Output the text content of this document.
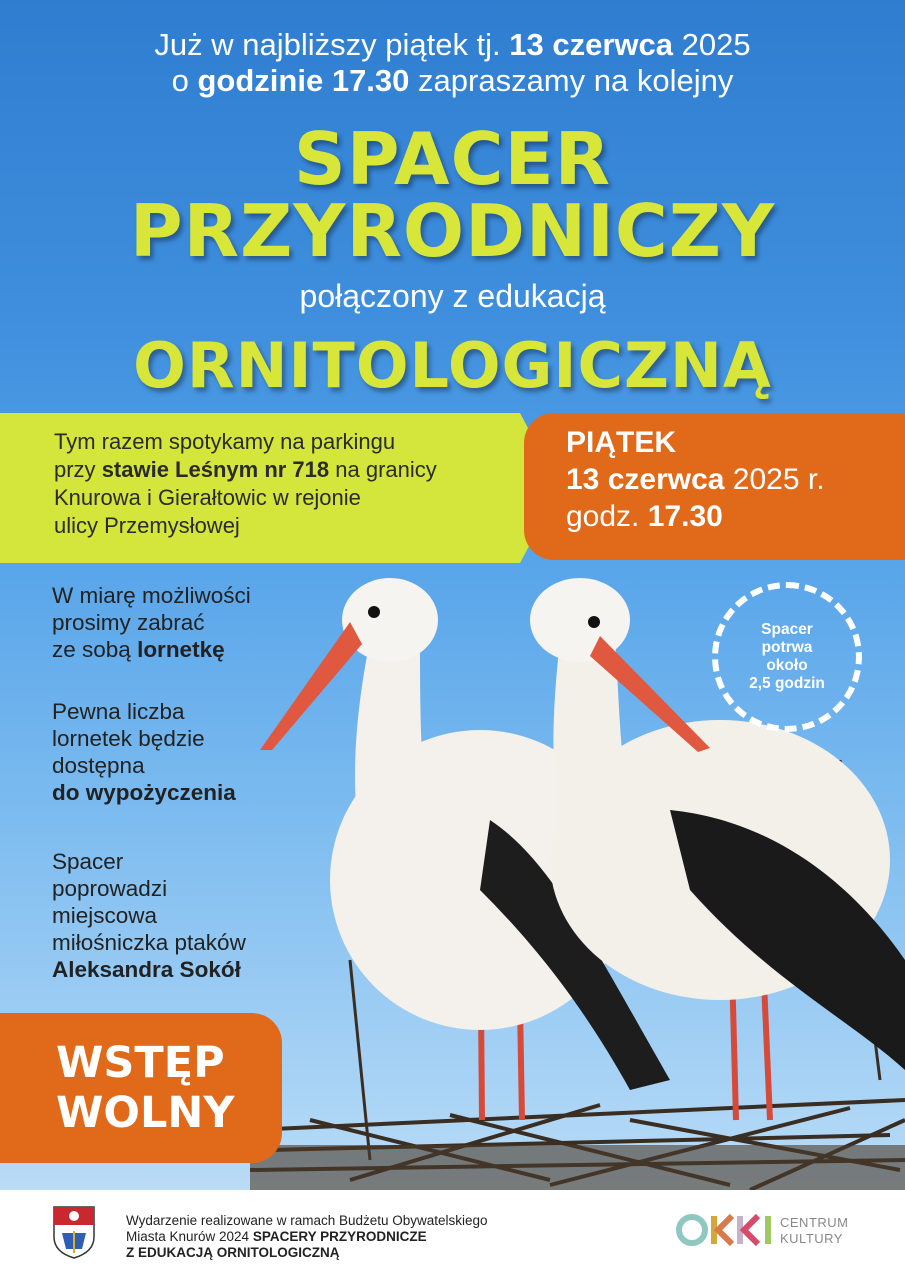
Już w najbliższy piątek tj. 13 czerwca 2025
o godzinie 17.30 zapraszamy na kolejny
SPACER
PRZYRODNICZY
połączony z edukacją
ORNITOLOGICZNĄ
Tym razem spotykamy na parkingu
przy stawie Leśnym nr 718 na granicy
Knurowa i Gierałtowic w rejonie
ulicy Przemysłowej
PIĄTEK
13 czerwca 2025 r.
godz. 17.30
W miarę możliwości
prosimy zabrać
ze sobą lornetkę
Pewna liczba
lornetek będzie
dostępna
do wypożyczenia
Spacer
poprowadzi
miejscowa
miłośniczka ptaków
Aleksandra Sokół
Spacer
potrwa
około
2,5 godzin
WSTĘP
WOLNY
Wydarzenie realizowane w ramach Budżetu Obywatelskiego
Miasta Knurów 2024 SPACERY PRZYRODNICZE
Z EDUKACJĄ ORNITOLOGICZNĄ
CENTRUM
KULTURY
